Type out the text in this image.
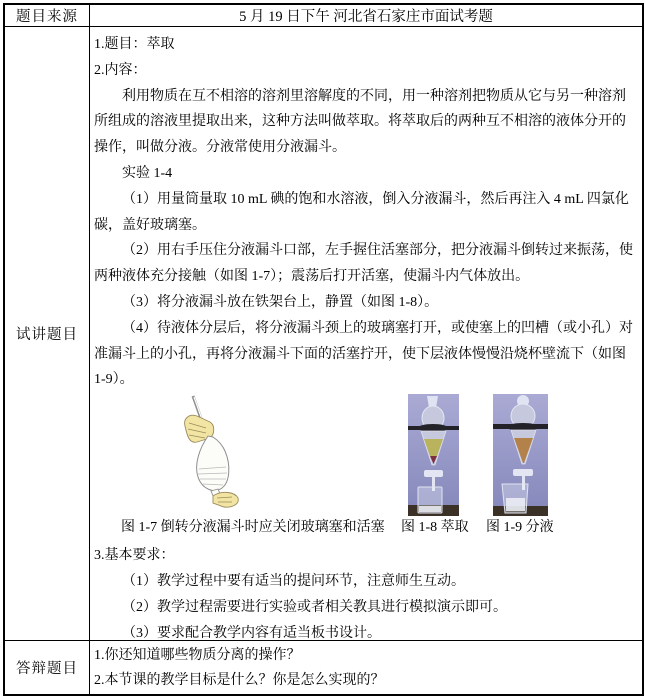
题目来源	5 月 19 日下午 河北省石家庄市面试考题
试讲题目

1.题目：萃取

2.内容：

利用物质在互不相溶的溶剂里溶解度的不同，用一种溶剂把物质从它与另一种溶剂所组成的溶液里提取出来，这种方法叫做萃取。将萃取后的两种互不相溶的液体分开的操作，叫做分液。分液常使用分液漏斗。

实验 1-4

（1）用量筒量取 10 mL 碘的饱和水溶液，倒入分液漏斗，然后再注入 4 mL 四氯化碳，盖好玻璃塞。

（2）用右手压住分液漏斗口部，左手握住活塞部分，把分液漏斗倒转过来振荡，使两种液体充分接触（如图 1-7）；震荡后打开活塞，使漏斗内气体放出。

（3）将分液漏斗放在铁架台上，静置（如图 1-8）。

（4）待液体分层后，将分液漏斗颈上的玻璃塞打开，或使塞上的凹槽（或小孔）对准漏斗上的小孔，再将分液漏斗下面的活塞拧开，使下层液体慢慢沿烧杯壁流下（如图 1-9）。

图 1-7 倒转分液漏斗时应关闭玻璃塞和活塞 图 1-8 萃取 图 1-9 分液

3.基本要求：

（1）教学过程中要有适当的提问环节，注意师生互动。

（2）教学过程需要进行实验或者相关教具进行模拟演示即可。

（3）要求配合教学内容有适当板书设计。

答辩题目

1.你还知道哪些物质分离的操作？

2.本节课的教学目标是什么？你是怎么实现的？
